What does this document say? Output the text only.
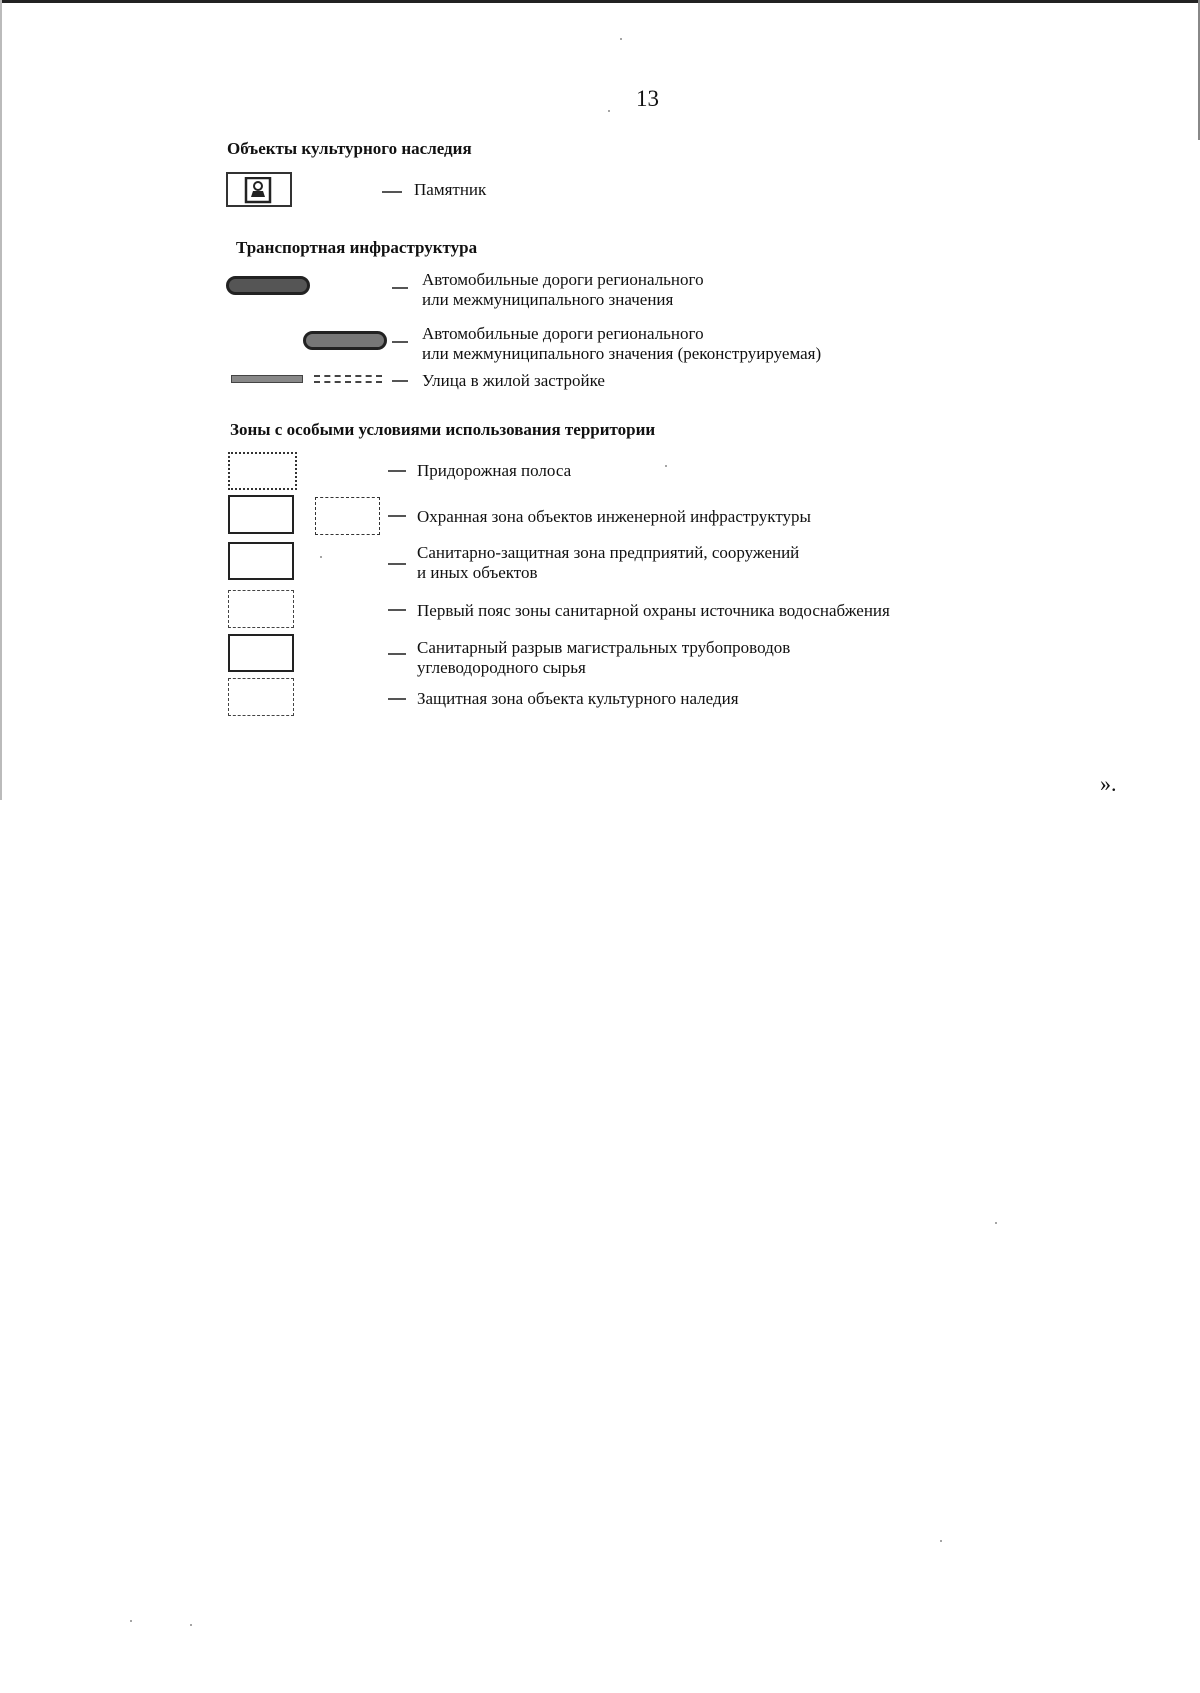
13
Объекты культурного наследия
Памятник
Транспортная инфраструктура
Автомобильные дороги регионального
или межмуниципального значения
Автомобильные дороги регионального
или межмуниципального значения (реконструируемая)
Улица в жилой застройке
Зоны с особыми условиями использования территории
Придорожная полоса
Охранная зона объектов инженерной инфраструктуры
Санитарно-защитная зона предприятий, сооружений
и иных объектов
Первый пояс зоны санитарной охраны источника водоснабжения
Санитарный разрыв магистральных трубопроводов
углеводородного сырья
Защитная зона объекта культурного наледия
».
